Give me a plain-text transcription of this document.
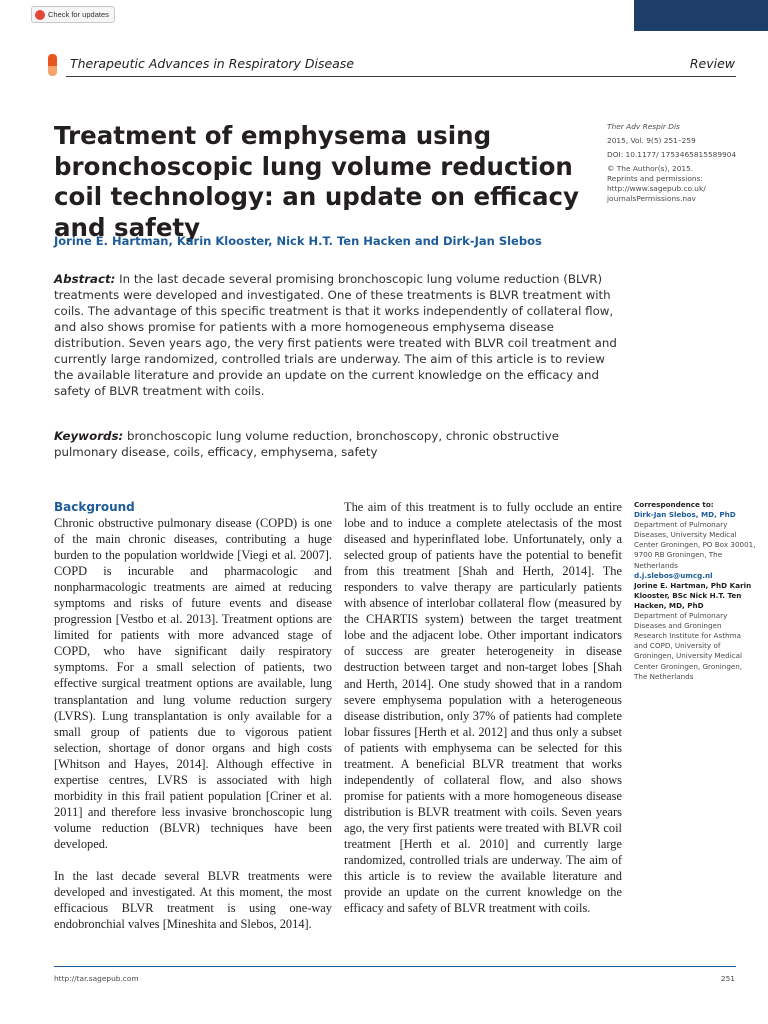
Check for updates
Therapeutic Advances in Respiratory Disease	Review
Treatment of emphysema using bronchoscopic lung volume reduction coil technology: an update on efficacy and safety
Jorine E. Hartman, Karin Klooster, Nick H.T. Ten Hacken and Dirk-Jan Slebos

Ther Adv Respir Dis

2015, Vol. 9(5) 251–259

DOI: 10.1177/ 1753465815589904

© The Author(s), 2015.
Reprints and permissions: http://www.sagepub.co.uk/ journalsPermissions.nav

Abstract: In the last decade several promising bronchoscopic lung volume reduction (BLVR) treatments were developed and investigated. One of these treatments is BLVR treatment with coils. The advantage of this specific treatment is that it works independently of collateral flow, and also shows promise for patients with a more homogeneous emphysema disease distribution. Seven years ago, the very first patients were treated with BLVR coil treatment and currently large randomized, controlled trials are underway. The aim of this article is to review the available literature and provide an update on the current knowledge on the efficacy and safety of BLVR treatment with coils.

Keywords: bronchoscopic lung volume reduction, bronchoscopy, chronic obstructive pulmonary disease, coils, efficacy, emphysema, safety

Background

Chronic obstructive pulmonary disease (COPD) is one of the main chronic diseases, contributing a huge burden to the population worldwide [Viegi et al. 2007]. COPD is incurable and pharmacologic and nonpharmacologic treatments are aimed at reducing symptoms and risks of future events and disease progression [Vestbo et al. 2013]. Treatment options are limited for patients with more advanced stage of COPD, who have significant daily respiratory symptoms. For a small selection of patients, two effective surgical treatment options are available, lung transplantation and lung volume reduction surgery (LVRS). Lung transplantation is only available for a small group of patients due to vigorous patient selection, shortage of donor organs and high costs [Whitson and Hayes, 2014]. Although effective in expertise centres, LVRS is associated with high morbidity in this frail patient population [Criner et al. 2011] and therefore less invasive bronchoscopic lung volume reduction (BLVR) techniques have been developed.

In the last decade several BLVR treatments were developed and investigated. At this moment, the most efficacious BLVR treatment is using one-way endobronchial valves [Mineshita and Slebos, 2014].

The aim of this treatment is to fully occlude an entire lobe and to induce a complete atelectasis of the most diseased and hyperinflated lobe. Unfortunately, only a selected group of patients have the potential to benefit from this treatment [Shah and Herth, 2014]. The responders to valve therapy are particularly patients with absence of interlobar collateral flow (measured by the CHARTIS system) between the target treatment lobe and the adjacent lobe. Other important indicators of success are greater heterogeneity in disease destruction between target and non-target lobes [Shah and Herth, 2014]. One study showed that in a random severe emphysema population with a heterogeneous disease distribution, only 37% of patients had complete lobar fissures [Herth et al. 2012] and thus only a subset of patients with emphysema can be selected for this treatment. A beneficial BLVR treatment that works independently of collateral flow, and also shows promise for patients with a more homogeneous disease distribution is BLVR treatment with coils. Seven years ago, the very first patients were treated with BLVR coil treatment [Herth et al. 2010] and currently large randomized, controlled trials are underway. The aim of this article is to review the available literature and provide an update on the current knowledge on the efficacy and safety of BLVR treatment with coils.

Correspondence to:

Dirk-Jan Slebos, MD, PhD

Department of Pulmonary Diseases, University Medical Center Groningen, PO Box 30001, 9700 RB Groningen, The Netherlands

d.j.slebos@umcg.nl

Jorine E. Hartman, PhD Karin Klooster, BSc Nick H.T. Ten Hacken, MD, PhD

Department of Pulmonary Diseases and Groningen Research Institute for Asthma and COPD, University of Groningen, University Medical Center Groningen, Groningen, The Netherlands

http://tar.sagepub.com	251
